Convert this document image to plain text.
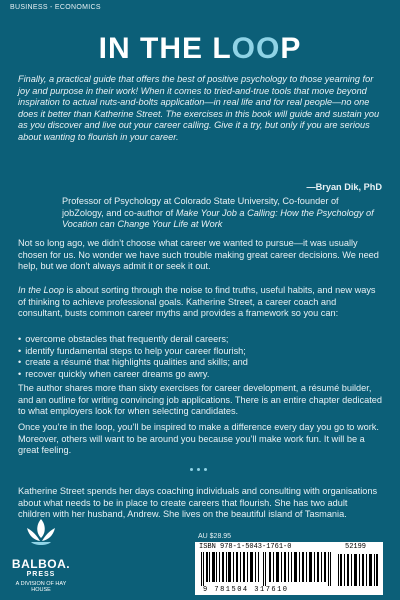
BUSINESS - ECONOMICS
IN THE LOOP
Finally, a practical guide that offers the best of positive psychology to those yearning for joy and purpose in their work! When it comes to tried-and-true tools that move beyond inspiration to actual nuts-and-bolts application—in real life and for real people—no one does it better than Katherine Street. The exercises in this book will guide and sustain you as you discover and live out your career calling. Give it a try, but only if you are serious about wanting to flourish in your career.
—Bryan Dik, PhD
Professor of Psychology at Colorado State University, Co-founder of jobZology, and co-author of Make Your Job a Calling: How the Psychology of Vocation can Change Your Life at Work
Not so long ago, we didn’t choose what career we wanted to pursue—it was usually chosen for us. No wonder we have such trouble making great career decisions. We need help, but we don’t always admit it or seek it out.
In the Loop is about sorting through the noise to find truths, useful habits, and new ways of thinking to achieve professional goals. Katherine Street, a career coach and consultant, busts common career myths and provides a framework so you can:
• overcome obstacles that frequently derail careers;
• identify fundamental steps to help your career flourish;
• create a résumé that highlights qualities and skills; and
• recover quickly when career dreams go awry.
The author shares more than sixty exercises for career development, a résumé builder, and an outline for writing convincing job applications. There is an entire chapter dedicated to what employers look for when selecting candidates.
Once you’re in the loop, you’ll be inspired to make a difference every day you go to work. Moreover, others will want to be around you because you’ll make work fun. It will be a great feeling.
Katherine Street spends her days coaching individuals and consulting with organisations about what needs to be in place to create careers that flourish. She has two adult children with her husband, Andrew. She lives on the beautiful island of Tasmania.
BALBOA.
PRESS
A DIVISION OF HAY HOUSE
AU $28.95
ISBN 978-1-5043-1761-0	52199
9 781504 317610
